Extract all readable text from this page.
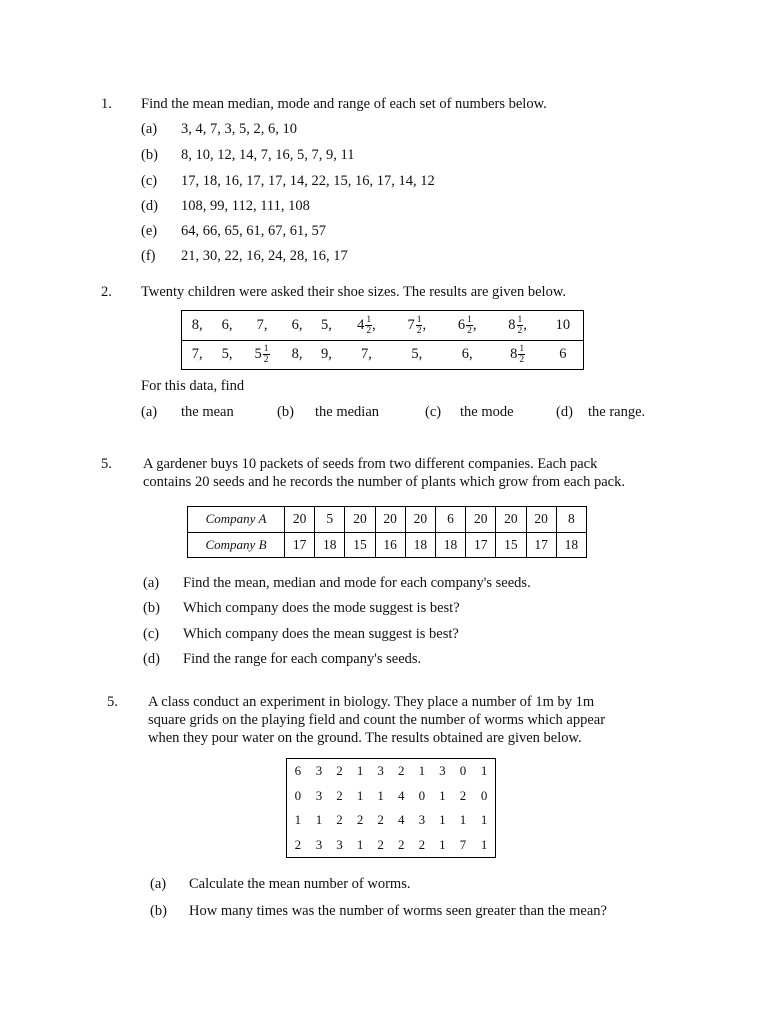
1. Find the mean median, mode and range of each set of numbers below.
(a) 3, 4, 7, 3, 5, 2, 6, 10
(b) 8, 10, 12, 14, 7, 16, 5, 7, 9, 11
(c) 17, 18, 16, 17, 17, 14, 22, 15, 16, 17, 14, 12
(d) 108, 99, 112, 111, 108
(e) 64, 66, 65, 61, 67, 61, 57
(f) 21, 30, 22, 16, 24, 28, 16, 17
2. Twenty children were asked their shoe sizes. The results are given below.
8,	6,	7,	6,	5,	$4 \frac{1}{2}$ ,	$7 \frac{1}{2}$ ,	$6 \frac{1}{2}$ ,	$8 \frac{1}{2}$ ,	10
7,	5,	$5 \frac{1}{2}$	8,	9,	7,	5,	6,	$8 \frac{1}{2}$	6
For this data, find
(a) the mean	(b) the median	(c) the mode	(d) the range.
5. A gardener buys 10 packets of seeds from two different companies. Each pack
contains 20 seeds and he records the number of plants which grow from each pack.
Company A	20	5	20	20	20	6	20	20	20	8
Company B	17	18	15	16	18	18	17	15	17	18
(a) Find the mean, median and mode for each company's seeds.
(b) Which company does the mode suggest is best?
(c) Which company does the mean suggest is best?
(d) Find the range for each company's seeds.
5. A class conduct an experiment in biology. They place a number of 1m by 1m
square grids on the playing field and count the number of worms which appear
when they pour water on the ground. The results obtained are given below.
6	3	2	1	3	2	1	3	0	1
0	3	2	1	1	4	0	1	2	0
1	1	2	2	2	4	3	1	1	1
2	3	3	1	2	2	2	1	7	1
(a) Calculate the mean number of worms.
(b) How many times was the number of worms seen greater than the mean?
